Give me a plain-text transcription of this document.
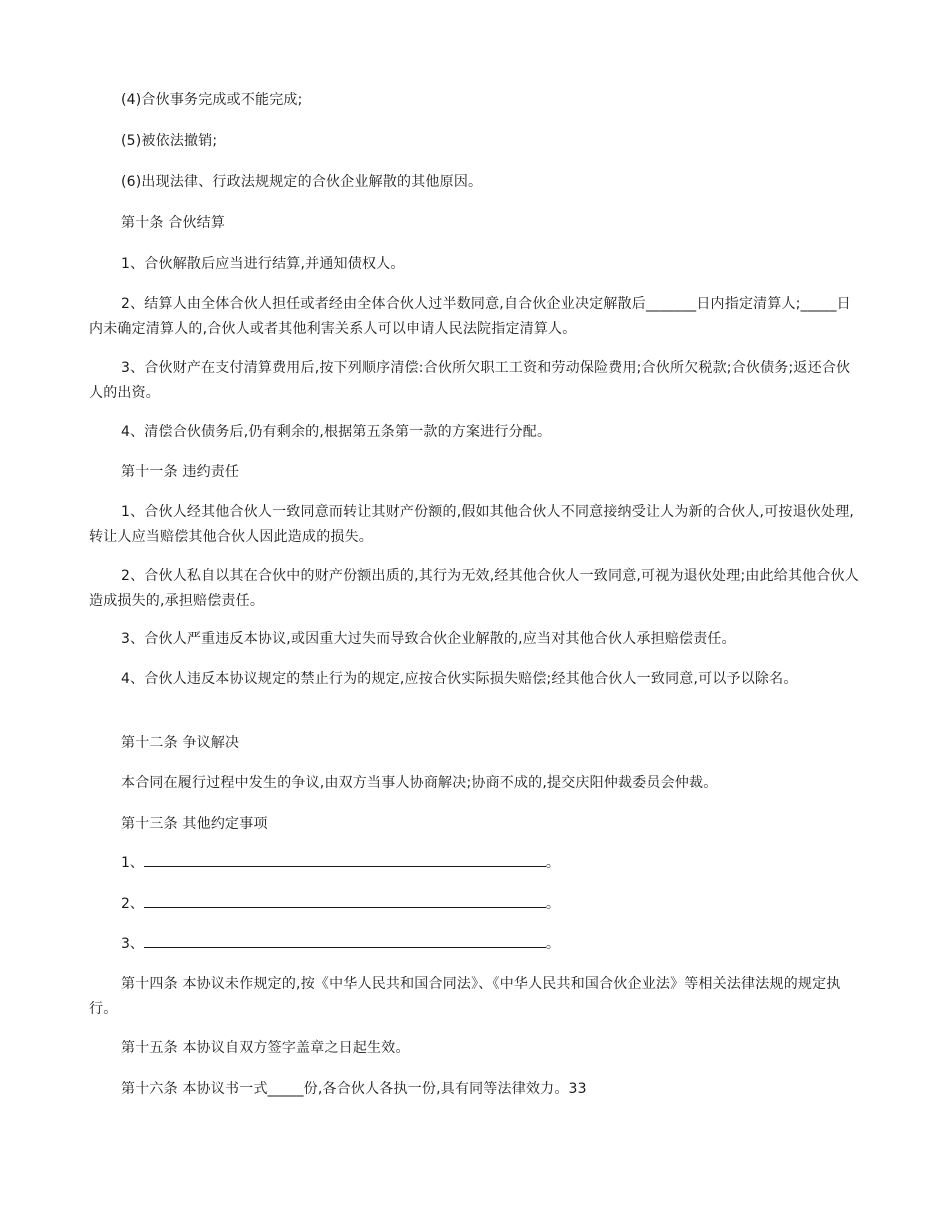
(4)合伙事务完成或不能完成;

(5)被依法撤销;

(6)出现法律、行政法规规定的合伙企业解散的其他原因。

第十条 合伙结算

1、合伙解散后应当进行结算,并通知债权人。

2、结算人由全体合伙人担任或者经由全体合伙人过半数同意,自合伙企业决定解散后_______日内指定清算人;_____日内未确定清算人的,合伙人或者其他利害关系人可以申请人民法院指定清算人。

3、合伙财产在支付清算费用后,按下列顺序清偿:合伙所欠职工工资和劳动保险费用;合伙所欠税款;合伙债务;返还合伙人的出资。

4、清偿合伙债务后,仍有剩余的,根据第五条第一款的方案进行分配。

第十一条 违约责任

1、合伙人经其他合伙人一致同意而转让其财产份额的,假如其他合伙人不同意接纳受让人为新的合伙人,可按退伙处理,转让人应当赔偿其他合伙人因此造成的损失。

2、合伙人私自以其在合伙中的财产份额出质的,其行为无效,经其他合伙人一致同意,可视为退伙处理;由此给其他合伙人造成损失的,承担赔偿责任。

3、合伙人严重违反本协议,或因重大过失而导致合伙企业解散的,应当对其他合伙人承担赔偿责任。

4、合伙人违反本协议规定的禁止行为的规定,应按合伙实际损失赔偿;经其他合伙人一致同意,可以予以除名。

第十二条 争议解决

本合同在履行过程中发生的争议,由双方当事人协商解决;协商不成的,提交庆阳仲裁委员会仲裁。

第十三条 其他约定事项

1、	。
2、	。
3、	。

第十四条 本协议未作规定的,按《中华人民共和国合同法》、《中华人民共和国合伙企业法》等相关法律法规的规定执行。

第十五条 本协议自双方签字盖章之日起生效。

第十六条 本协议书一式_____份,各合伙人各执一份,具有同等法律效力。33
